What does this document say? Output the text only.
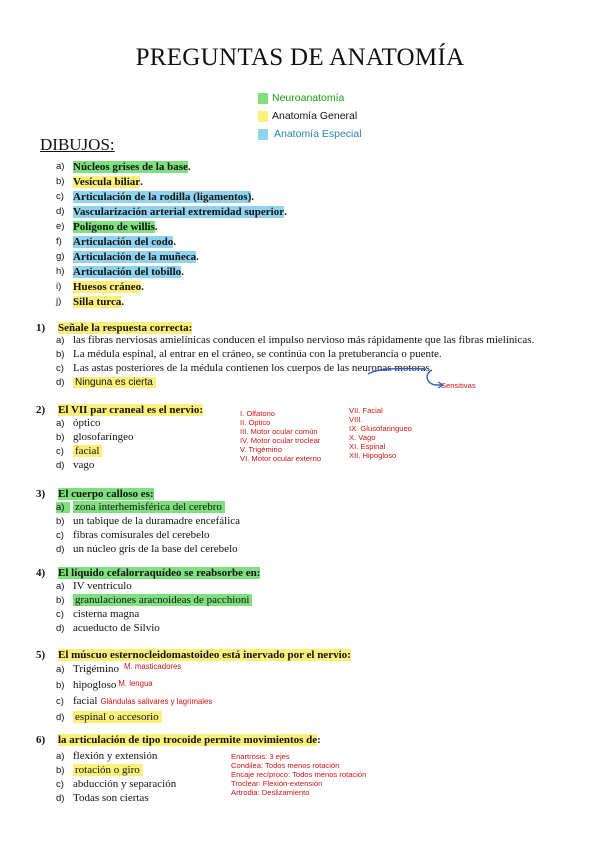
PREGUNTAS DE ANATOMÍA
Neuroanatomía
Anatomía General
Anatomía Especial
DIBUJOS:
a) Núcleos grises de la base .
b) Vesícula biliar .
c) Articulación de la rodilla (ligamentos) .
d) Vascularización arterial extremidad superior .
e) Polígono de willis .
f)	Articulación del codo .
g) Articulación de la muñeca .
h) Articulación del tobillo .
i)	Huesos cráneo .
j)	Silla turca .
1) Señale la respuesta correcta:
a) las fibras nerviosas amielínicas conducen el impulso nervioso más rápidamente que las fibras mielínicas.
b) La médula espinal, al entrar en el cráneo, se continúa con la pretuberancia o puente.
c) Las astas posteriores de la médula contienen los cuerpos de las neuronas motoras.
d)	Ninguna es cierta	Sensitivas
2) El VII par craneal es el nervio:
a) óptico
b) glosofaríngeo
c)	facial
d) vago
I. Olfatorio
II. Óptico
III. Motor ocular común
IV. Motor ocular troclear
V. Trigémino
VI. Motor ocular externo
VII. Facial
VIII.
IX. Glusofaringueo
X. Vago
XI. Espinal
XII. Hipogloso
3) El cuerpo calloso es:
a) zona interhemisférica del cerebro
b) un tabique de la duramadre encefálica
c) fibras comisurales del cerebelo
d) un núcleo gris de la base del cerebelo
4) El líquido cefalorraquídeo se reabsorbe en:
a) IV ventrículo
b) granulaciones aracnoideas de pacchioni
c) cisterna magna
d) acueducto de Silvio
5) El múscuo esternocleidomastoideo está inervado por el nervio:
a) Trigémino M. masticadores
b) hipogloso M. lengua
c) facial Glándulas salivares y lagrimales
d) espinal o accesorio
6) la articulación de tipo trocoide permite movimientos de:
a) flexión y extensión
b) rotación o giro
c) abducción y separación
d) Todas son ciertas
Enartrosis: 3 ejes
Condilea: Todos menos rotación
Encaje recíproco: Todos menos rotación
Troclear: Flexiòn-extensión
Artrodia: Deslizamiento
